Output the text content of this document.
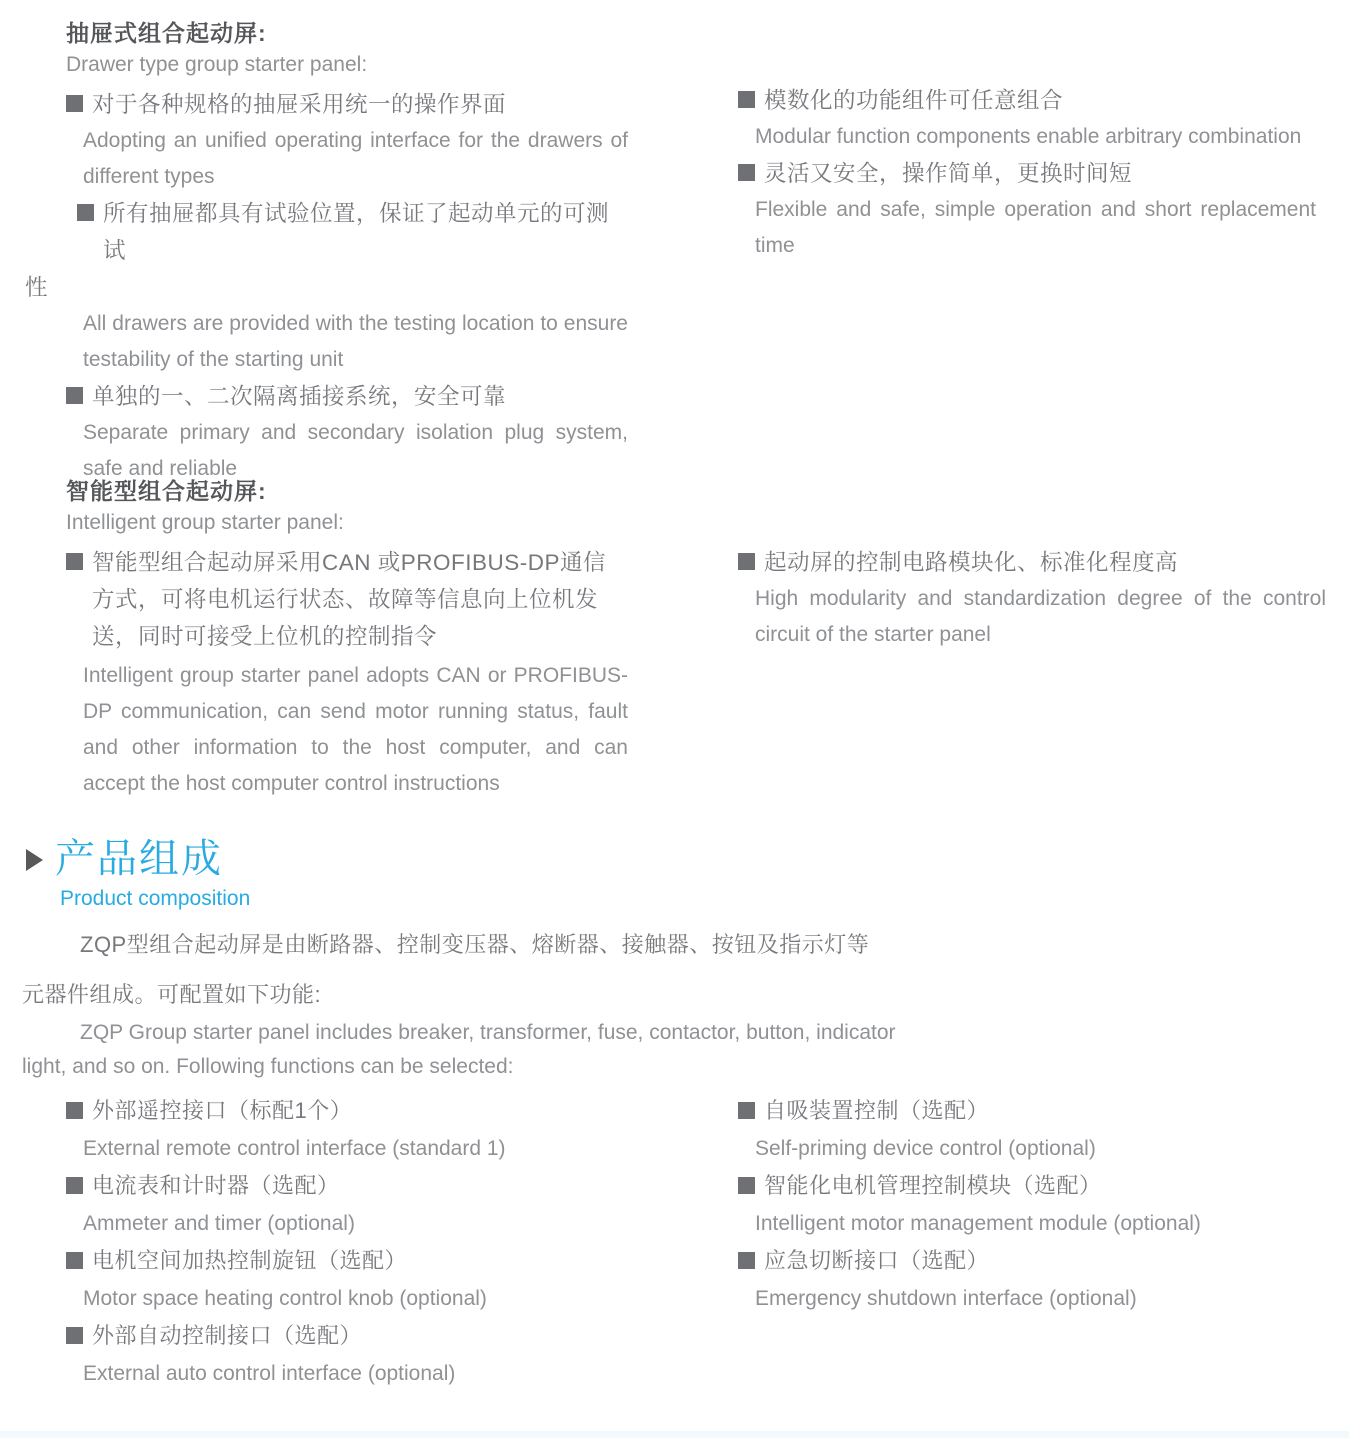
抽屉式组合起动屏:
Drawer type group starter panel:
对于各种规格的抽屉采用统一的操作界面
Adopting an unified operating interface for the drawers of different types
所有抽屉都具有试验位置，保证了起动单元的可测试
性
All drawers are provided with the testing location to ensure testability of the starting unit
单独的一、二次隔离插接系统，安全可靠
Separate primary and secondary isolation plug system, safe and reliable
模数化的功能组件可任意组合
Modular function components enable arbitrary combination
灵活又安全，操作简单，更换时间短
Flexible and safe, simple operation and short replacement time
智能型组合起动屏:
Intelligent group starter panel:
智能型组合起动屏采用CAN 或PROFIBUS-DP通信方式，可将电机运行状态、故障等信息向上位机发送，同时可接受上位机的控制指令
Intelligent group starter panel adopts CAN or PROFIBUS-DP communication, can send motor running status, fault and other information to the host computer, and can accept the host computer control instructions
起动屏的控制电路模块化、标准化程度高
High modularity and standardization degree of the control circuit of the starter panel
产品组成
Product composition
ZQP型组合起动屏是由断路器、控制变压器、熔断器、接触器、按钮及指示灯等
元器件组成。可配置如下功能:
ZQP Group starter panel includes breaker, transformer, fuse, contactor, button, indicator
light, and so on. Following functions can be selected:
外部遥控接口（标配1个）
External remote control interface (standard 1)
电流表和计时器（选配）
Ammeter and timer (optional)
电机空间加热控制旋钮（选配）
Motor space heating control knob (optional)
外部自动控制接口（选配）
External auto control interface (optional)
自吸装置控制（选配）
Self-priming device control (optional)
智能化电机管理控制模块（选配）
Intelligent motor management module (optional)
应急切断接口（选配）
Emergency shutdown interface (optional)
